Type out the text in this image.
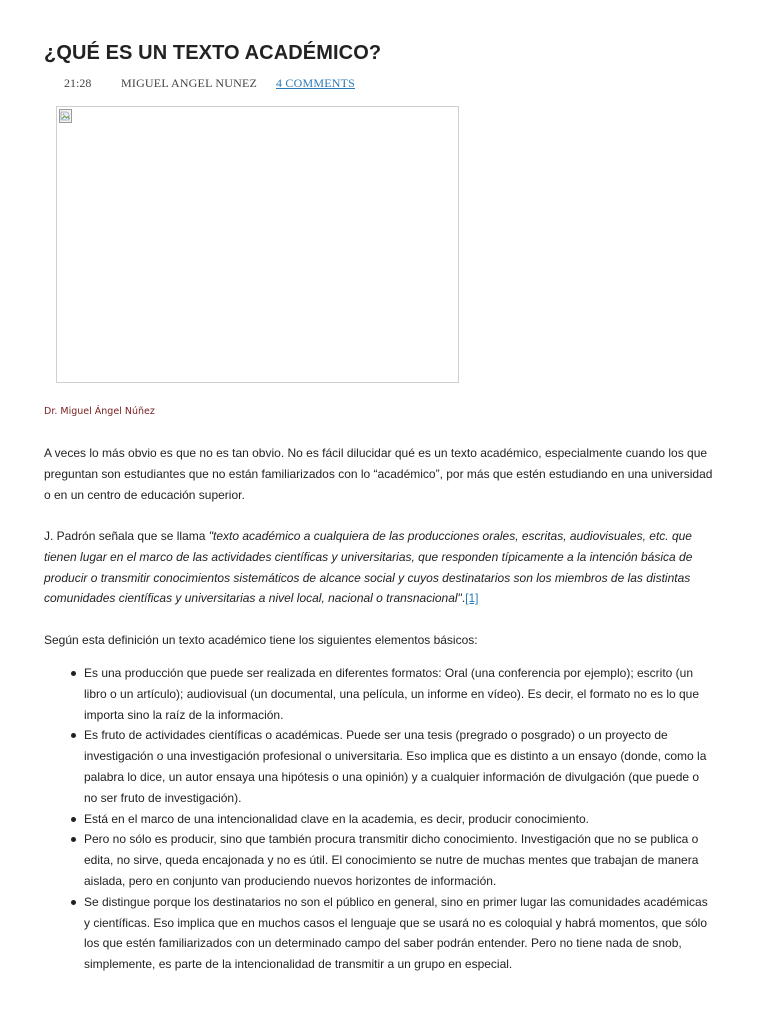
¿QUÉ ES UN TEXTO ACADÉMICO?
21:28 MIGUEL ANGEL NUNEZ 4 COMMENTS
Dr. Miguel Ángel Núñez

A veces lo más obvio es que no es tan obvio. No es fácil dilucidar qué es un texto académico, especialmente cuando los que preguntan son estudiantes que no están familiarizados con lo “académico”, por más que estén estudiando en una universidad o en un centro de educación superior.

J. Padrón señala que se llama "texto académico a cualquiera de las producciones orales, escritas, audiovisuales, etc. que tienen lugar en el marco de las actividades científicas y universitarias, que responden típicamente a la intención básica de producir o transmitir conocimientos sistemáticos de alcance social y cuyos destinatarios son los miembros de las distintas comunidades científicas y universitarias a nivel local, nacional o transnacional".[1]

Según esta definición un texto académico tiene los siguientes elementos básicos:

Es una producción que puede ser realizada en diferentes formatos: Oral (una conferencia por ejemplo); escrito (un libro o un artículo); audiovisual (un documental, una película, un informe en vídeo). Es decir, el formato no es lo que importa sino la raíz de la información.
Es fruto de actividades científicas o académicas. Puede ser una tesis (pregrado o posgrado) o un proyecto de investigación o una investigación profesional o universitaria. Eso implica que es distinto a un ensayo (donde, como la palabra lo dice, un autor ensaya una hipótesis o una opinión) y a cualquier información de divulgación (que puede o no ser fruto de investigación).
Está en el marco de una intencionalidad clave en la academia, es decir, producir conocimiento.
Pero no sólo es producir, sino que también procura transmitir dicho conocimiento. Investigación que no se publica o edita, no sirve, queda encajonada y no es útil. El conocimiento se nutre de muchas mentes que trabajan de manera aislada, pero en conjunto van produciendo nuevos horizontes de información.
Se distingue porque los destinatarios no son el público en general, sino en primer lugar las comunidades académicas y científicas. Eso implica que en muchos casos el lenguaje que se usará no es coloquial y habrá momentos, que sólo los que estén familiarizados con un determinado campo del saber podrán entender. Pero no tiene nada de snob, simplemente, es parte de la intencionalidad de transmitir a un grupo en especial.
